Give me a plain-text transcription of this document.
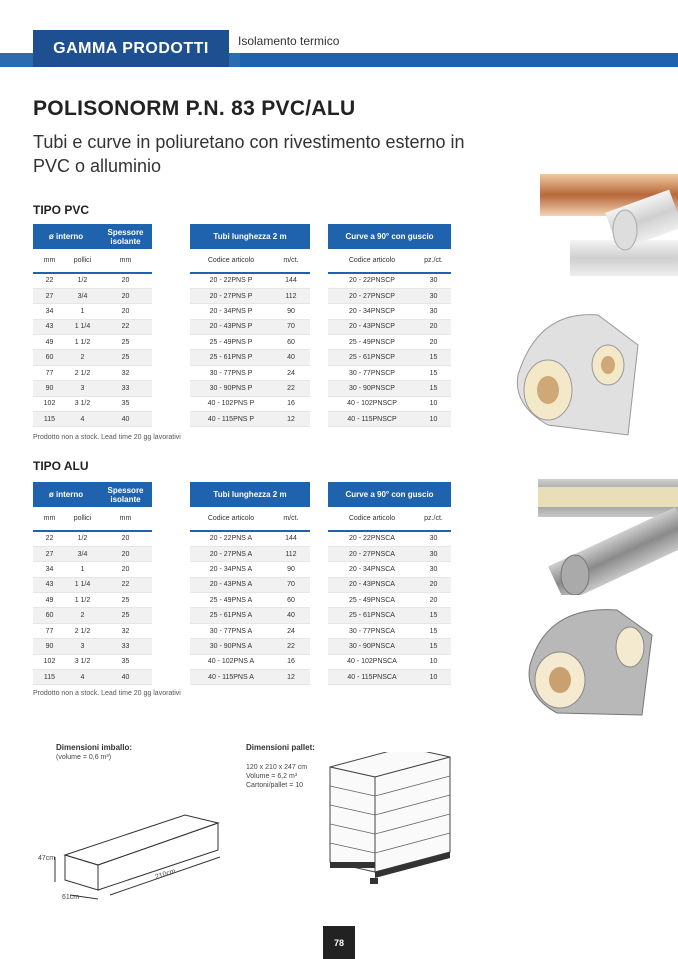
GAMMA PRODOTTI	Isolamento termico
POLISONORM P.N. 83 PVC/ALU
Tubi e curve in poliuretano con rivestimento esterno in PVC o alluminio
TIPO PVC
ø interno		Spessore isolante
mm	pollici	mm
22	1/2	20
27	3/4	20
34	1	20
43	1 1/4	22
49	1 1/2	25
60	2	25
77	2 1/2	32
90	3	33
102	3 1/2	35
115	4	40
Tubi lunghezza 2 m	
Codice articolo	m/ct.
20 - 22PNS P	144
20 - 27PNS P	112
20 - 34PNS P	90
20 - 43PNS P	70
25 - 49PNS P	60
25 - 61PNS P	40
30 - 77PNS P	24
30 - 90PNS P	22
40 - 102PNS P	16
40 - 115PNS P	12
Curve a 90° con guscio	
Codice articolo	pz./ct.
20 - 22PNSCP	30
20 - 27PNSCP	30
20 - 34PNSCP	30
20 - 43PNSCP	20
25 - 49PNSCP	20
25 - 61PNSCP	15
30 - 77PNSCP	15
30 - 90PNSCP	15
40 - 102PNSCP	10
40 - 115PNSCP	10
Prodotto non a stock. Lead time 20 gg lavorativi
TIPO ALU
ø interno		Spessore isolante
mm	pollici	mm
22	1/2	20
27	3/4	20
34	1	20
43	1 1/4	22
49	1 1/2	25
60	2	25
77	2 1/2	32
90	3	33
102	3 1/2	35
115	4	40
Tubi lunghezza 2 m	
Codice articolo	m/ct.
20 - 22PNS A	144
20 - 27PNS A	112
20 - 34PNS A	90
20 - 43PNS A	70
25 - 49PNS A	60
25 - 61PNS A	40
30 - 77PNS A	24
30 - 90PNS A	22
40 - 102PNS A	16
40 - 115PNS A	12
Curve a 90° con guscio	
Codice articolo	pz./ct.
20 - 22PNSCA	30
20 - 27PNSCA	30
20 - 34PNSCA	30
20 - 43PNSCA	20
25 - 49PNSCA	20
25 - 61PNSCA	15
30 - 77PNSCA	15
30 - 90PNSCA	15
40 - 102PNSCA	10
40 - 115PNSCA	10
Prodotto non a stock. Lead time 20 gg lavorativi
Dimensioni imballo:
(volume = 0,6 m³)
47cm
61cm
210cm
Dimensioni pallet:
120 x 210 x 247 cm
Volume = 6,2 m³
Cartoni/pallet = 10
78
